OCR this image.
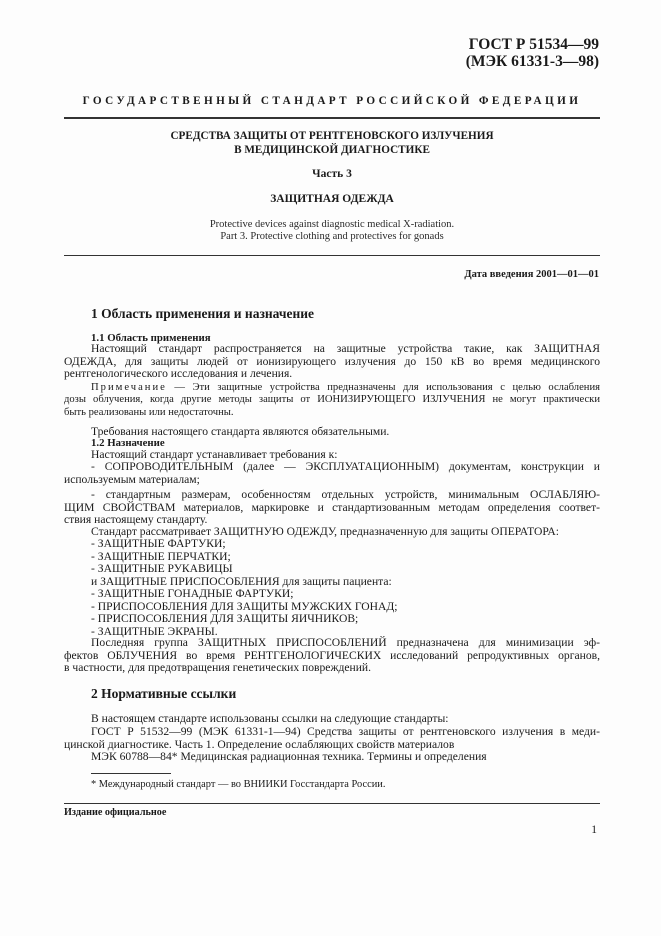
ГОСТ Р 51534—99
(МЭК 61331-3—98)
ГОСУДАРСТВЕННЫЙ СТАНДАРТ РОССИЙСКОЙ ФЕДЕРАЦИИ
СРЕДСТВА ЗАЩИТЫ ОТ РЕНТГЕНОВСКОГО ИЗЛУЧЕНИЯ
В МЕДИЦИНСКОЙ ДИАГНОСТИКЕ
Часть 3
ЗАЩИТНАЯ ОДЕЖДА
Protective devices against diagnostic medical X-radiation.
Part 3. Protective clothing and protectives for gonads
Дата введения 2001—01—01
1 Область применения и назначение
1.1 Область применения
Настоящий стандарт распространяется на защитные устройства такие, как ЗАЩИТНАЯ
ОДЕЖДА, для защиты людей от ионизирующего излучения до 150 кВ во время медицинского
рентгенологического исследования и лечения.
Примечание — Эти защитные устройства предназначены для использования с целью ослабления
дозы облучения, когда другие методы защиты от ИОНИЗИРУЮЩЕГО ИЗЛУЧЕНИЯ не могут практически
быть реализованы или недостаточны.
Требования настоящего стандарта являются обязательными.
1.2 Назначение
Настоящий стандарт устанавливает требования к:
- СОПРОВОДИТЕЛЬНЫМ (далее — ЭКСПЛУАТАЦИОННЫМ) документам, конструкции и
используемым материалам;
- стандартным размерам, особенностям отдельных устройств, минимальным ОСЛАБЛЯЮ-
ЩИМ СВОЙСТВАМ материалов, маркировке и стандартизованным методам определения соответ-
ствия настоящему стандарту.
Стандарт рассматривает ЗАЩИТНУЮ ОДЕЖДУ, предназначенную для защиты ОПЕРАТОРА:
- ЗАЩИТНЫЕ ФАРТУКИ;
- ЗАЩИТНЫЕ ПЕРЧАТКИ;
- ЗАЩИТНЫЕ РУКАВИЦЫ
и ЗАЩИТНЫЕ ПРИСПОСОБЛЕНИЯ для защиты пациента:
- ЗАЩИТНЫЕ ГОНАДНЫЕ ФАРТУКИ;
- ПРИСПОСОБЛЕНИЯ ДЛЯ ЗАЩИТЫ МУЖСКИХ ГОНАД;
- ПРИСПОСОБЛЕНИЯ ДЛЯ ЗАЩИТЫ ЯИЧНИКОВ;
- ЗАЩИТНЫЕ ЭКРАНЫ.
Последняя группа ЗАЩИТНЫХ ПРИСПОСОБЛЕНИЙ предназначена для минимизации эф-
фектов ОБЛУЧЕНИЯ во время РЕНТГЕНОЛОГИЧЕСКИХ исследований репродуктивных органов,
в частности, для предотвращения генетических повреждений.
2 Нормативные ссылки
В настоящем стандарте использованы ссылки на следующие стандарты:
ГОСТ Р 51532—99 (МЭК 61331-1—94) Средства защиты от рентгеновского излучения в меди-
цинской диагностике. Часть 1. Определение ослабляющих свойств материалов
МЭК 60788—84* Медицинская радиационная техника. Термины и определения
* Международный стандарт — во ВНИИКИ Госстандарта России.
Издание официальное
1
